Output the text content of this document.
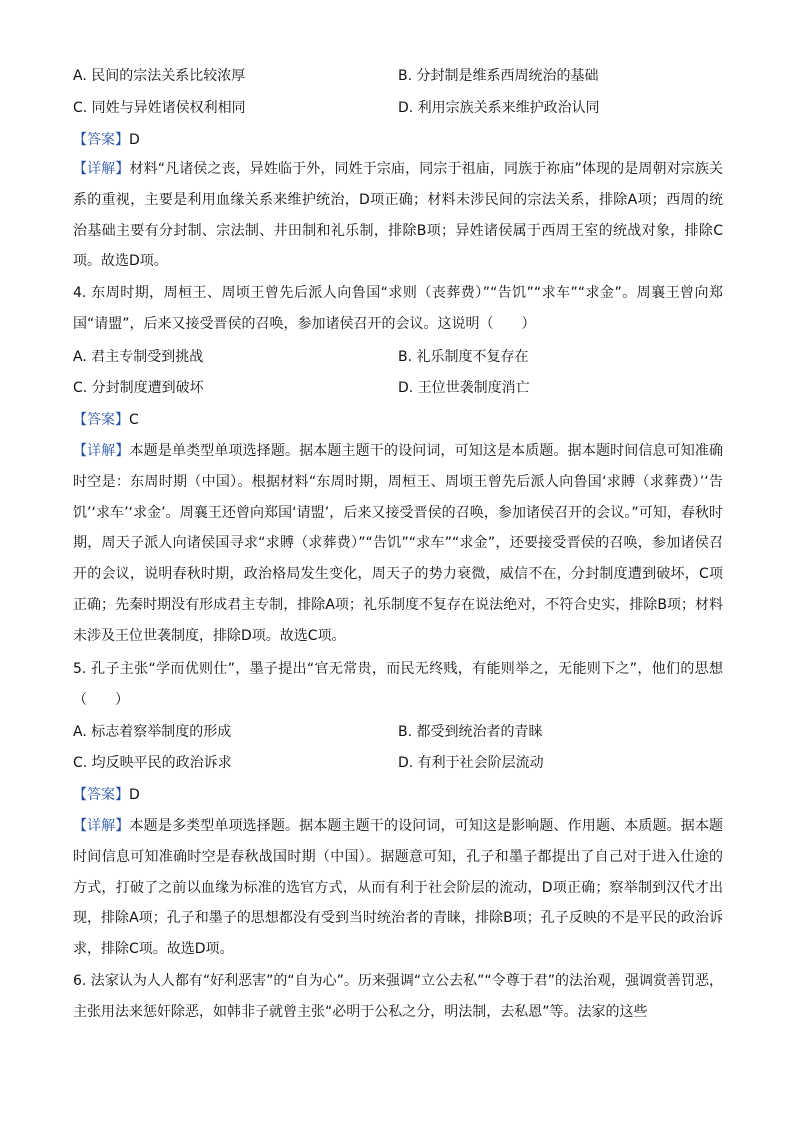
A. 民间的宗法关系比较浓厚	B. 分封制是维系西周统治的基础
C. 同姓与异姓诸侯权利相同	D. 利用宗族关系来维护政治认同
【答案】D
【详解】材料“凡诸侯之丧，异姓临于外，同姓于宗庙，同宗于祖庙，同族于祢庙”体现的是周朝对宗族关系的重视，主要是利用血缘关系来维护统治，D项正确；材料未涉民间的宗法关系，排除A项；西周的统治基础主要有分封制、宗法制、井田制和礼乐制，排除B项；异姓诸侯属于西周王室的统战对象，排除C项。故选D项。
4. 东周时期，周桓王、周顷王曾先后派人向鲁国“求则（丧葬费）”“告饥”“求车”“求金”。周襄王曾向郑国“请盟”，后来又接受晋侯的召唤，参加诸侯召开的会议。这说明（　　）
A. 君主专制受到挑战	B. 礼乐制度不复存在
C. 分封制度遭到破坏	D. 王位世袭制度消亡
【答案】C
【详解】本题是单类型单项选择题。据本题主题干的设问词，可知这是本质题。据本题时间信息可知准确时空是：东周时期（中国）。根据材料“东周时期，周桓王、周顷王曾先后派人向鲁国‘求賻（求葬费）’‘告饥’‘求车’‘求金’。周襄王还曾向郑国‘请盟’，后来又接受晋侯的召唤，参加诸侯召开的会议。”可知，春秋时期，周天子派人向诸侯国寻求“求賻（求葬费）”“告饥”“求车”“求金”，还要接受晋侯的召唤，参加诸侯召开的会议，说明春秋时期，政治格局发生变化，周天子的势力衰微，威信不在，分封制度遭到破坏，C项正确；先秦时期没有形成君主专制，排除A项；礼乐制度不复存在说法绝对，不符合史实，排除B项；材料未涉及王位世袭制度，排除D项。故选C项。
5. 孔子主张“学而优则仕”，墨子提出“官无常贵，而民无终贱，有能则举之，无能则下之”，他们的思想（　　）
A. 标志着察举制度的形成	B. 都受到统治者的青睐
C. 均反映平民的政治诉求	D. 有利于社会阶层流动
【答案】D
【详解】本题是多类型单项选择题。据本题主题干的设问词，可知这是影响题、作用题、本质题。据本题时间信息可知准确时空是春秋战国时期（中国）。据题意可知，孔子和墨子都提出了自己对于进入仕途的方式，打破了之前以血缘为标准的选官方式，从而有利于社会阶层的流动，D项正确；察举制到汉代才出现，排除A项；孔子和墨子的思想都没有受到当时统治者的青睐，排除B项；孔子反映的不是平民的政治诉求，排除C项。故选D项。
6. 法家认为人人都有“好利恶害”的“自为心”。历来强调“立公去私”“令尊于君”的法治观，强调赏善罚恶，主张用法来惩奸除恶，如韩非子就曾主张“必明于公私之分，明法制，去私恩”等。法家的这些
